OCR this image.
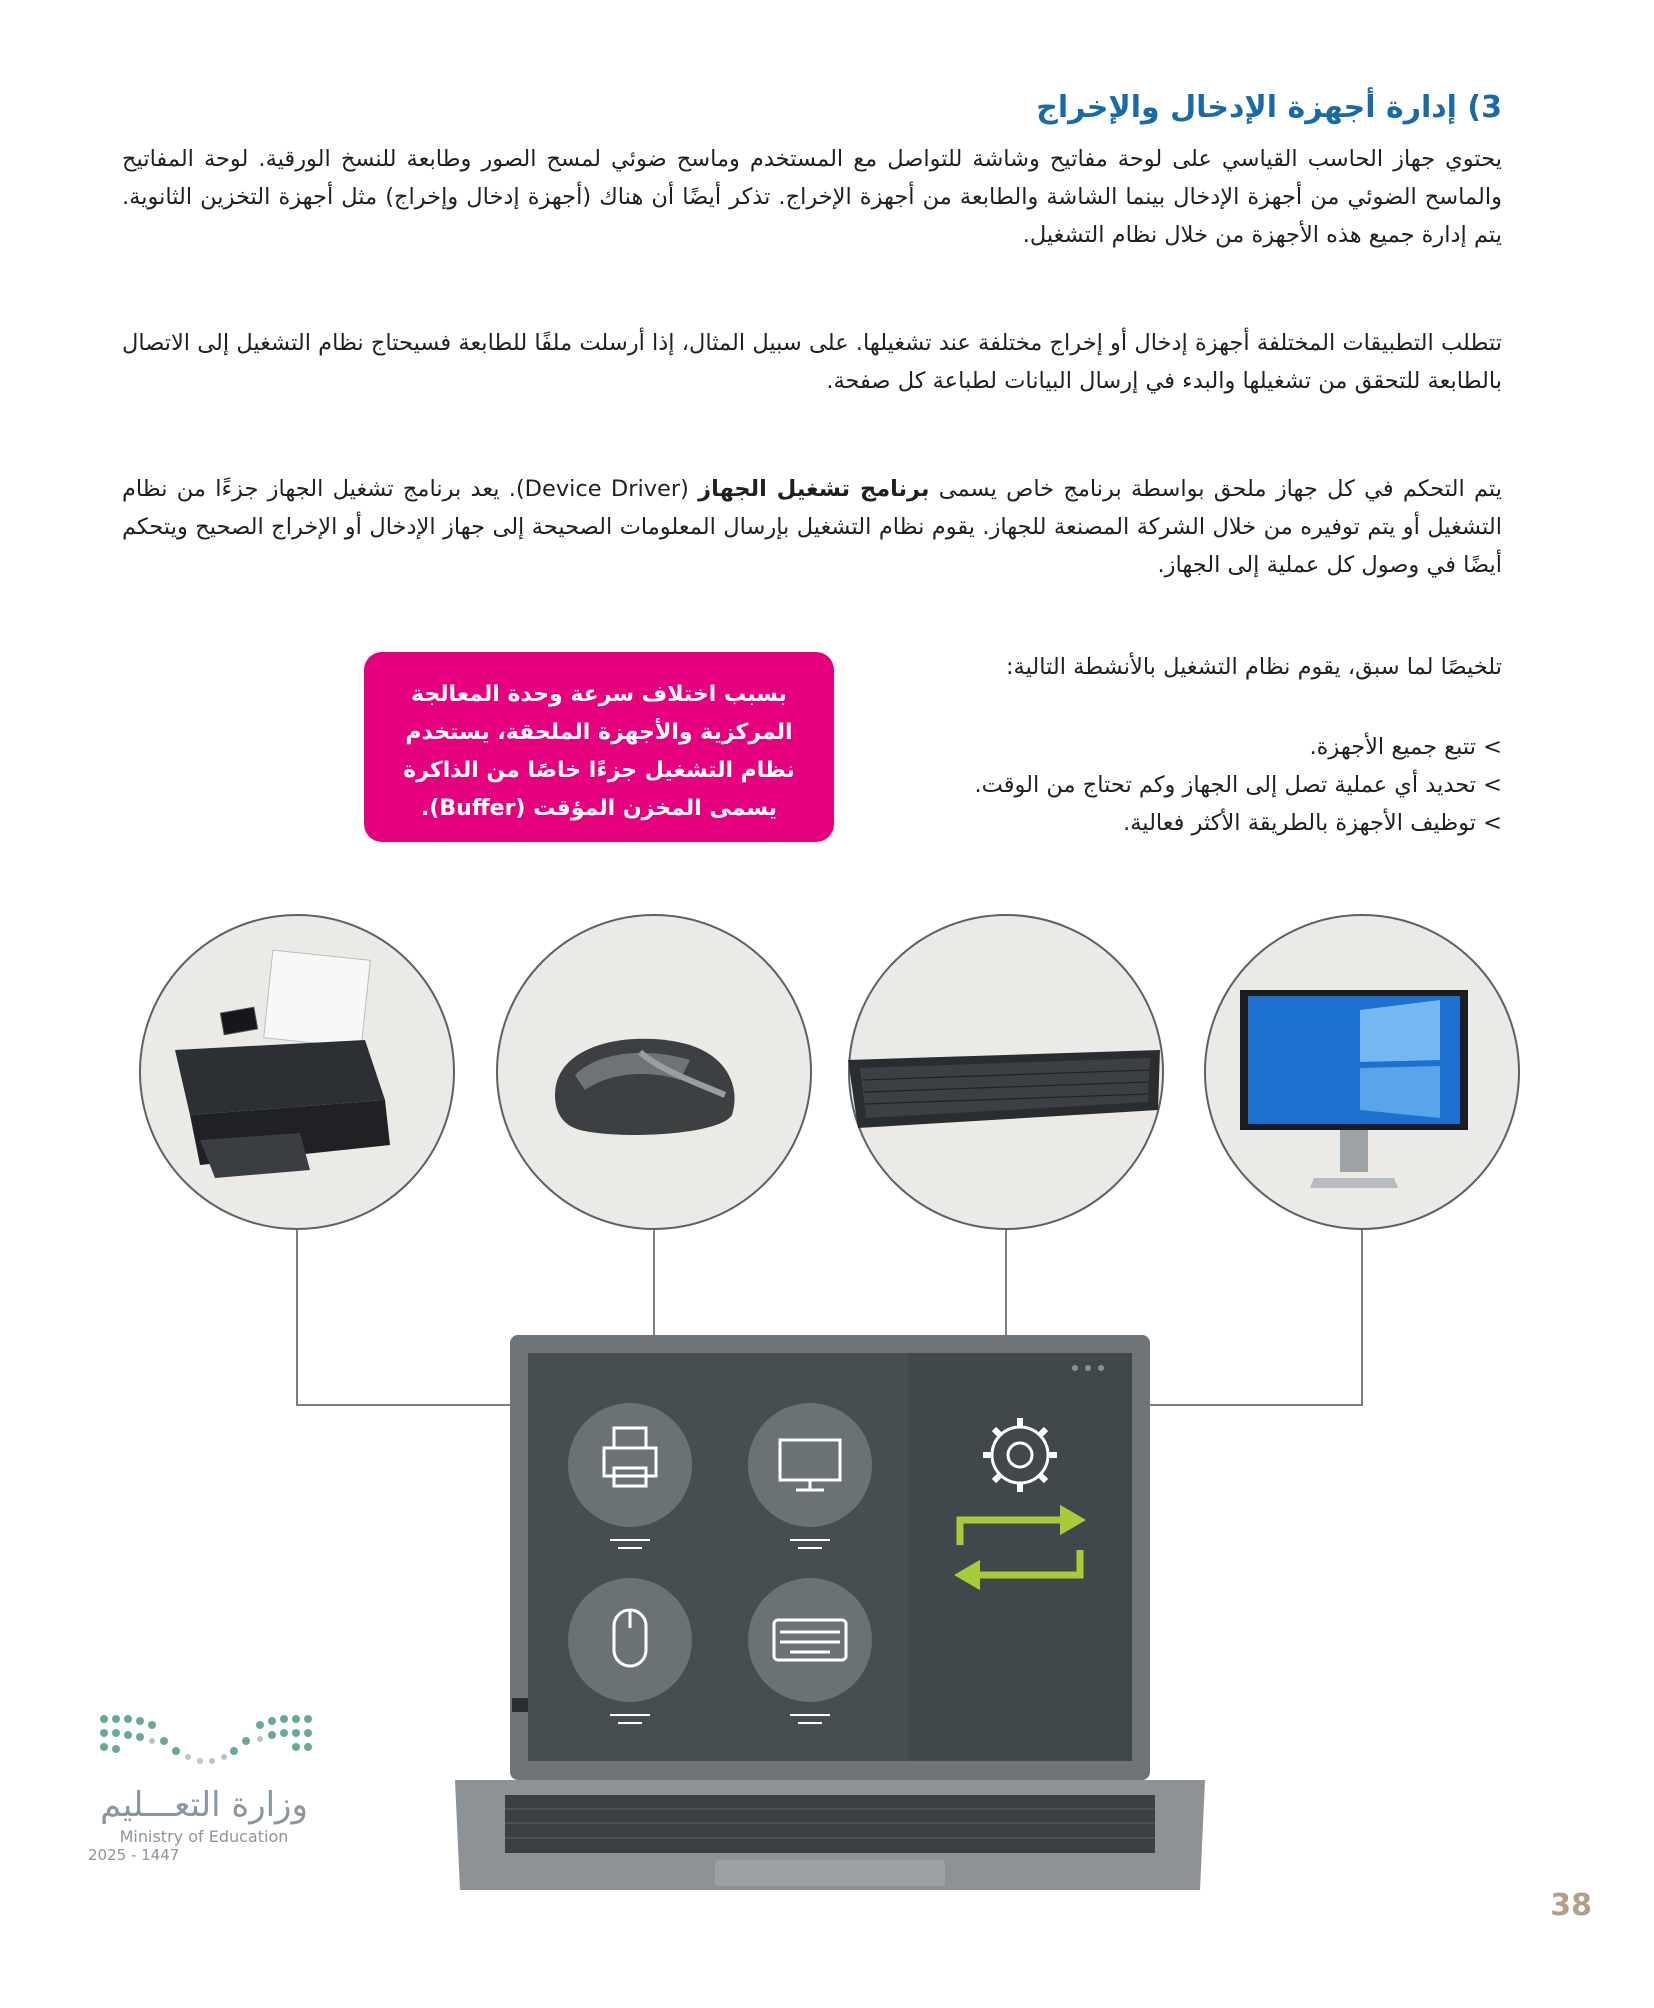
3) إدارة أجهزة الإدخال والإخراج
يحتوي جهاز الحاسب القياسي على لوحة مفاتيح وشاشة للتواصل مع المستخدم وماسح ضوئي لمسح الصور وطابعة للنسخ الورقية. لوحة المفاتيح والماسح الضوئي من أجهزة الإدخال بينما الشاشة والطابعة من أجهزة الإخراج. تذكر أيضًا أن هناك (أجهزة إدخال وإخراج) مثل أجهزة التخزين الثانوية. يتم إدارة جميع هذه الأجهزة من خلال نظام التشغيل.
تتطلب التطبيقات المختلفة أجهزة إدخال أو إخراج مختلفة عند تشغيلها. على سبيل المثال، إذا أرسلت ملفًا للطابعة فسيحتاج نظام التشغيل إلى الاتصال بالطابعة للتحقق من تشغيلها والبدء في إرسال البيانات لطباعة كل صفحة.
يتم التحكم في كل جهاز ملحق بواسطة برنامج خاص يسمى برنامج تشغيل الجهاز (Device Driver). يعد برنامج تشغيل الجهاز جزءًا من نظام التشغيل أو يتم توفيره من خلال الشركة المصنعة للجهاز. يقوم نظام التشغيل بإرسال المعلومات الصحيحة إلى جهاز الإدخال أو الإخراج الصحيح ويتحكم أيضًا في وصول كل عملية إلى الجهاز.
تلخيصًا لما سبق، يقوم نظام التشغيل بالأنشطة التالية:
> تتبع جميع الأجهزة.
> تحديد أي عملية تصل إلى الجهاز وكم تحتاج من الوقت.
> توظيف الأجهزة بالطريقة الأكثر فعالية.
بسبب اختلاف سرعة وحدة المعالجة المركزية والأجهزة الملحقة، يستخدم نظام التشغيل جزءًا خاصًا من الذاكرة يسمى المخزن المؤقت (Buffer).
وزارة التعـــليم
Ministry of Education
2025 - 1447
38
